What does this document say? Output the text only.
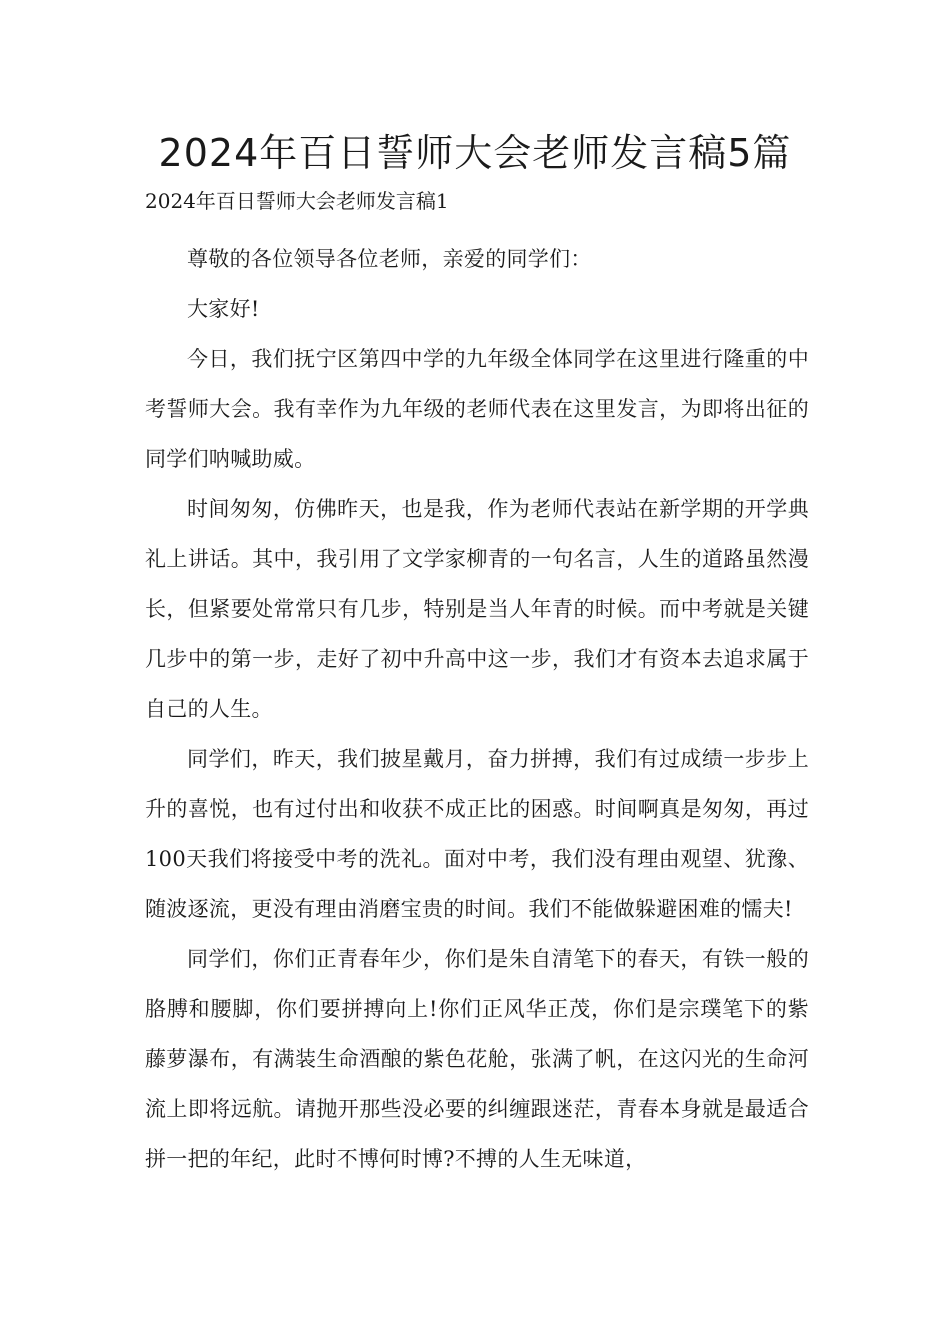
2024年百日誓师大会老师发言稿5篇
2024年百日誓师大会老师发言稿1

尊敬的各位领导各位老师，亲爱的同学们：

大家好!

今日，我们抚宁区第四中学的九年级全体同学在这里进行隆重的中考誓师大会。我有幸作为九年级的老师代表在这里发言，为即将出征的同学们呐喊助威。

时间匆匆，仿佛昨天，也是我，作为老师代表站在新学期的开学典礼上讲话。其中，我引用了文学家柳青的一句名言，人生的道路虽然漫长，但紧要处常常只有几步，特别是当人年青的时候。而中考就是关键几步中的第一步，走好了初中升高中这一步，我们才有资本去追求属于自己的人生。

同学们，昨天，我们披星戴月，奋力拼搏，我们有过成绩一步步上升的喜悦，也有过付出和收获不成正比的困惑。时间啊真是匆匆，再过100天我们将接受中考的洗礼。面对中考，我们没有理由观望、犹豫、随波逐流，更没有理由消磨宝贵的时间。我们不能做躲避困难的懦夫!

同学们，你们正青春年少，你们是朱自清笔下的春天，有铁一般的胳膊和腰脚，你们要拼搏向上!你们正风华正茂，你们是宗璞笔下的紫藤萝瀑布，有满装生命酒酿的紫色花舱，张满了帆，在这闪光的生命河流上即将远航。请抛开那些没必要的纠缠跟迷茫，青春本身就是最适合拼一把的年纪，此时不博何时博?不搏的人生无味道，
